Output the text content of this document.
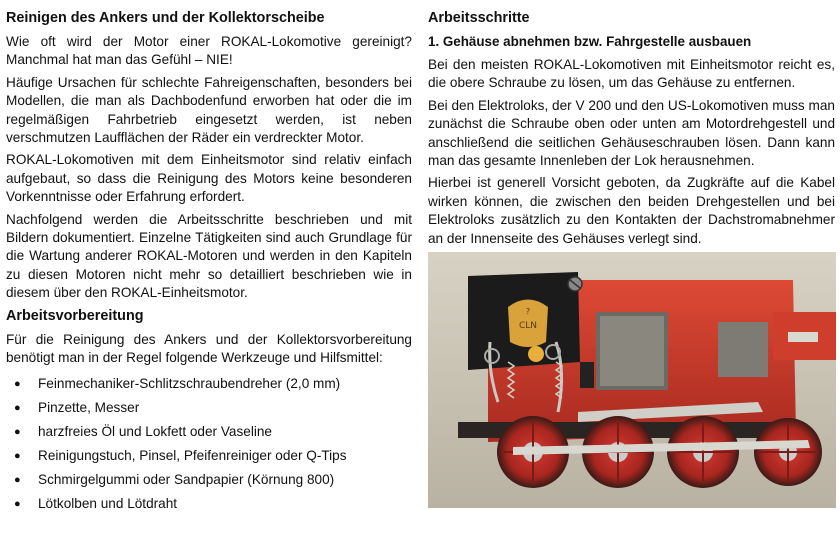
Reinigen des Ankers und der Kollektorscheibe

Wie oft wird der Motor einer ROKAL-Lokomotive gereinigt? Manchmal hat man das Gefühl – NIE!

Häufige Ursachen für schlechte Fahreigenschaften, besonders bei Modellen, die man als Dachbodenfund erworben hat oder die im regelmäßigen Fahrbetrieb eingesetzt werden, ist neben verschmutzen Laufflächen der Räder ein verdreckter Motor.

ROKAL-Lokomotiven mit dem Einheitsmotor sind relativ einfach aufgebaut, so dass die Reinigung des Motors keine besonderen Vorkenntnisse oder Erfahrung erfordert.

Nachfolgend werden die Arbeitsschritte beschrieben und mit Bildern dokumentiert. Einzelne Tätigkeiten sind auch Grundlage für die Wartung anderer ROKAL-Motoren und werden in den Kapiteln zu diesen Motoren nicht mehr so detailliert beschrieben wie in diesem über den ROKAL-Einheitsmotor.

Arbeitsvorbereitung

Für die Reinigung des Ankers und der Kollektorsvorbereitung benötigt man in der Regel folgende Werkzeuge und Hilfsmittel:

●	Feinmechaniker-Schlitzschraubendreher (2,0 mm)
●	Pinzette, Messer
●	harzfreies Öl und Lokfett oder Vaseline
●	Reinigungstuch, Pinsel, Pfeifenreiniger oder Q-Tips
●	Schmirgelgummi oder Sandpapier (Körnung 800)
●	Lötkolben und Lötdraht
Arbeitsschritte
1. Gehäuse abnehmen bzw. Fahrgestelle ausbauen

Bei den meisten ROKAL-Lokomotiven mit Einheitsmotor reicht es, die obere Schraube zu lösen, um das Gehäuse zu entfernen.

Bei den Elektroloks, der V 200 und den US-Lokomotiven muss man zunächst die Schraube oben oder unten am Motordrehgestell und anschließend die seitlichen Gehäuseschrauben lösen. Dann kann man das gesamte Innenleben der Lok herausnehmen.

Hierbei ist generell Vorsicht geboten, da Zugkräfte auf die Kabel wirken können, die zwischen den beiden Drehgestellen und bei Elektroloks zusätzlich zu den Kontakten der Dachstromabnehmer an der Innenseite des Gehäuses verlegt sind.

?
CLN
